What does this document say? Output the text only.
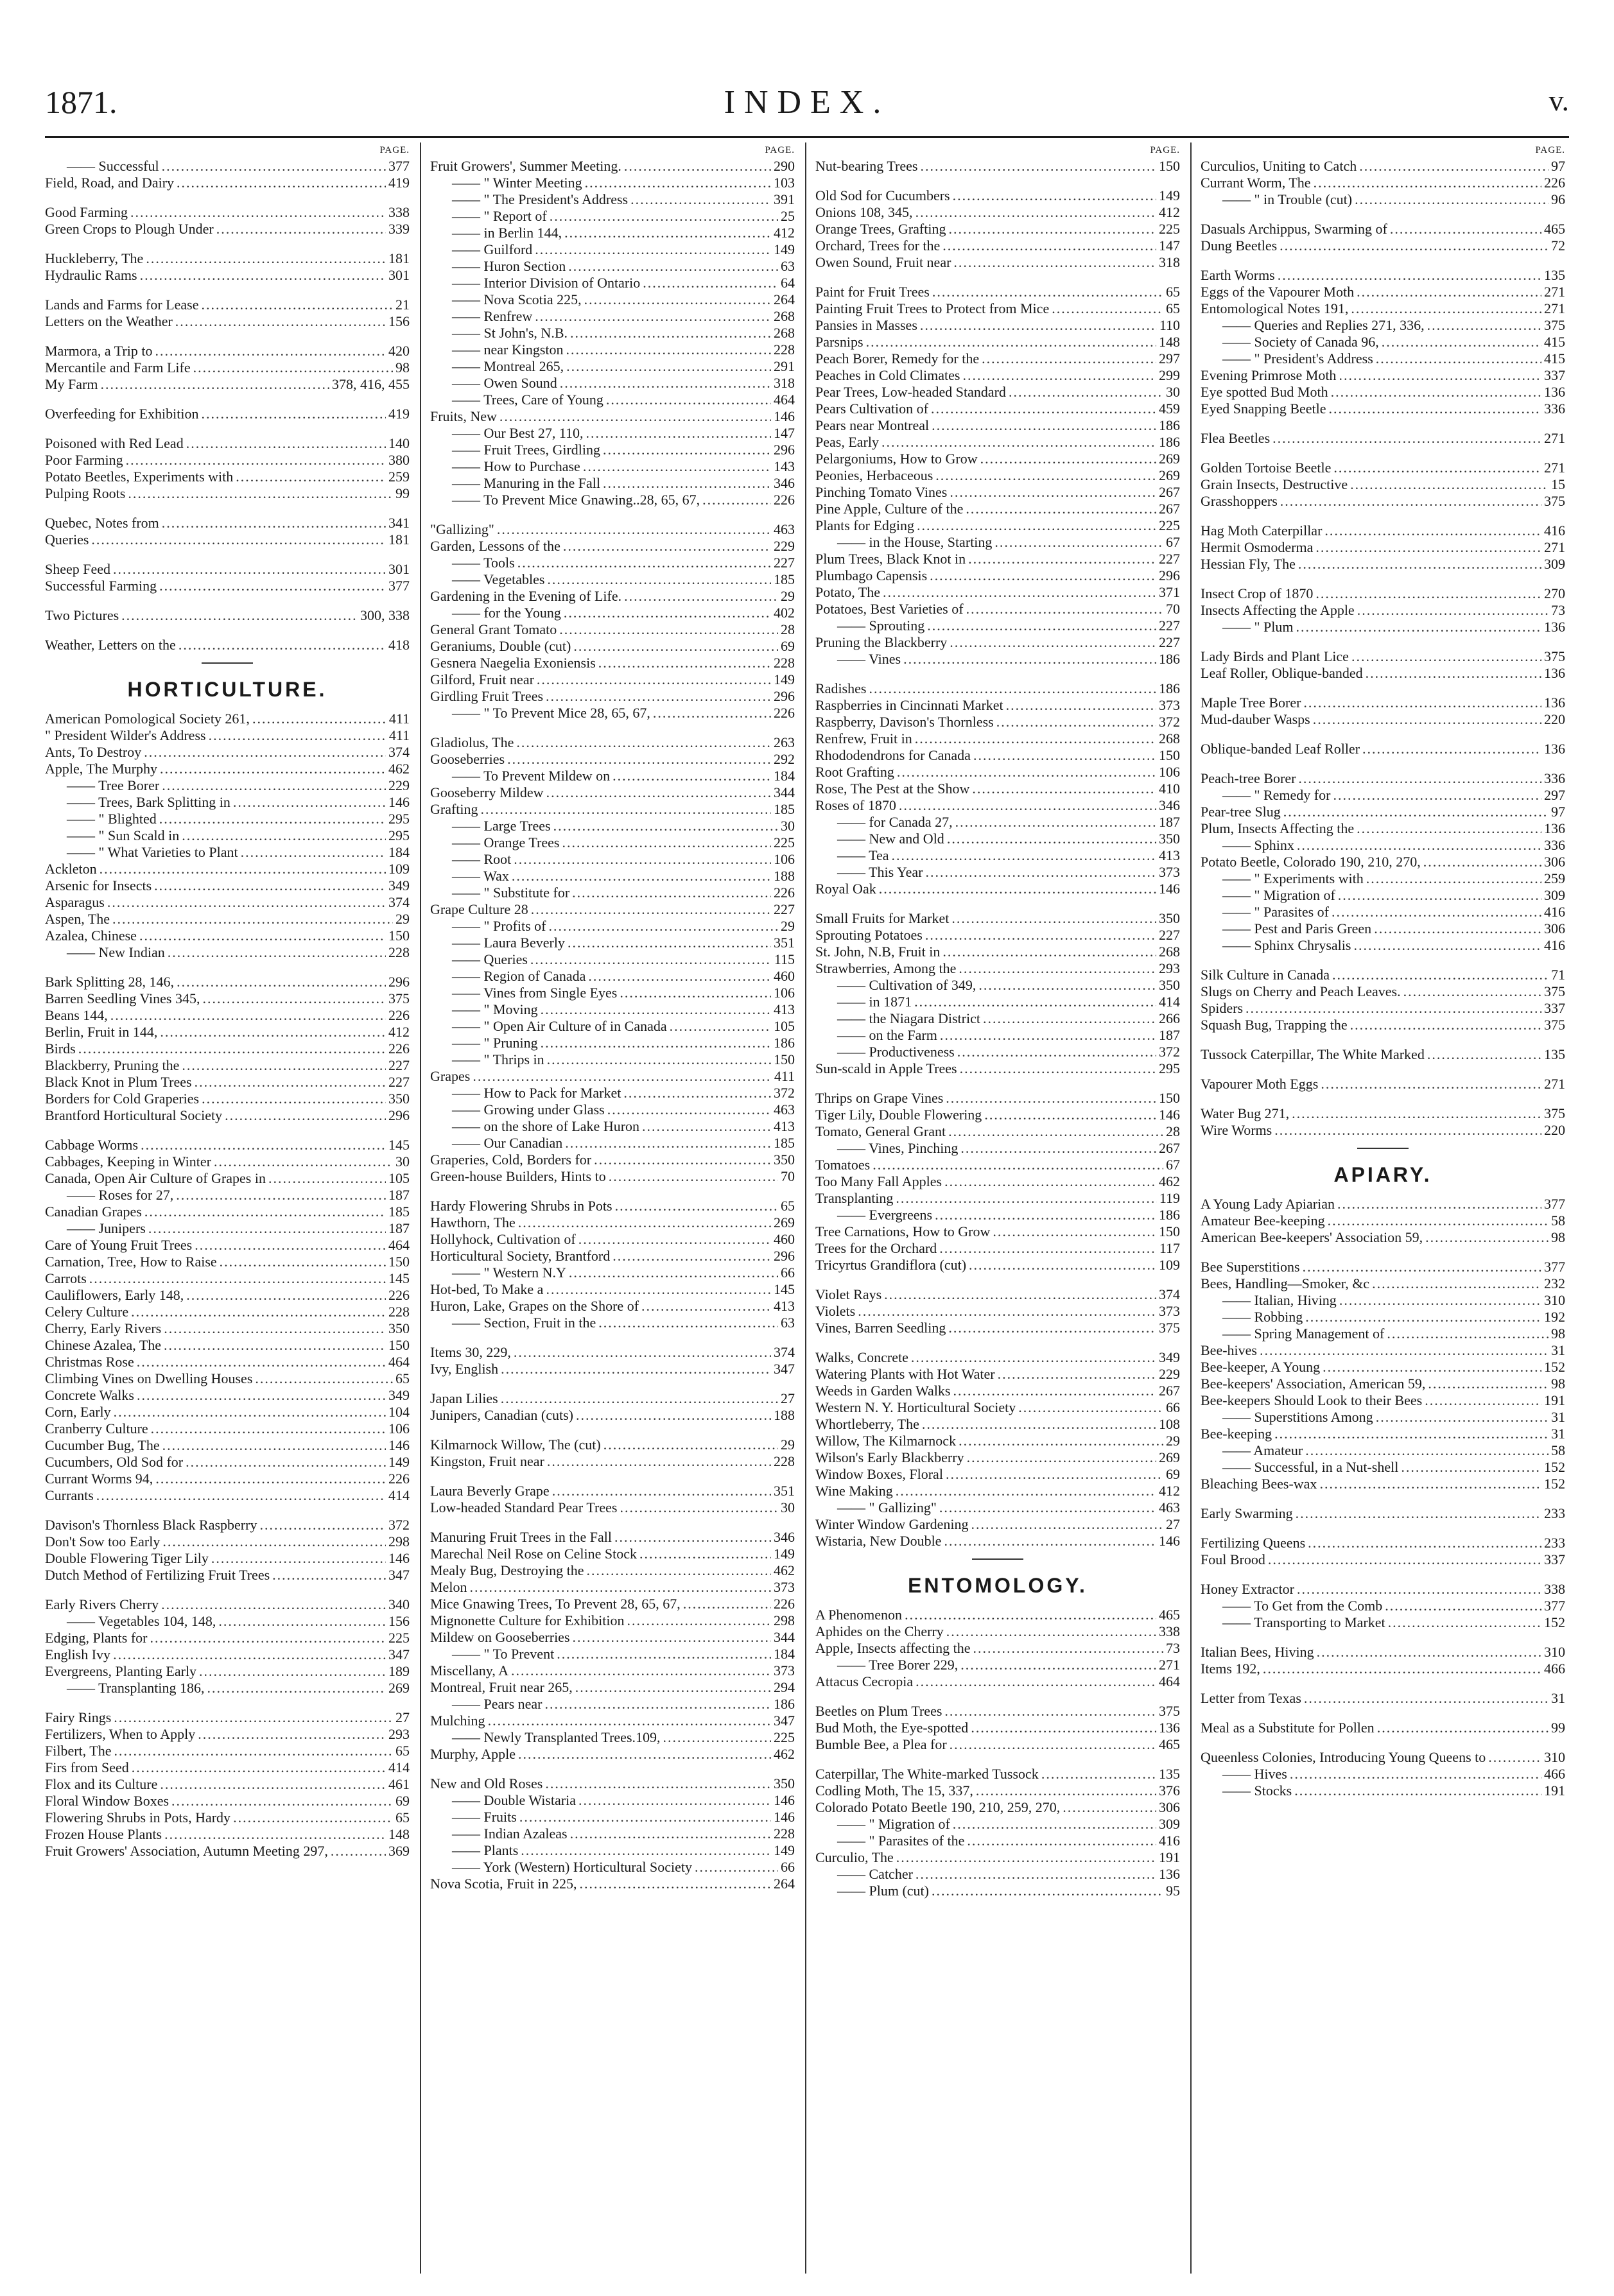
1871.	INDEX.	v.
PAGE.
—— Successful .....	377
Field, Road, and Dairy .....	419
Good Farming .....	338
Green Crops to Plough Under .....	339
Huckleberry, The .....	181
Hydraulic Rams .....	301
Lands and Farms for Lease .....	21
Letters on the Weather .....	156
Marmora, a Trip to .....	420
Mercantile and Farm Life .....	98
My Farm .....	378, 416, 455
Overfeeding for Exhibition .....	419
Poisoned with Red Lead .....	140
Poor Farming .....	380
Potato Beetles, Experiments with .....	259
Pulping Roots .....	99
Quebec, Notes from .....	341
Queries .....	181
Sheep Feed .....	301
Successful Farming .....	377
Two Pictures .....	300, 338
Weather, Letters on the .....	418
HORTICULTURE.
American Pomological Society 261, .....	411
" President Wilder's Address .....	411
Ants, To Destroy .....	374
Apple, The Murphy .....	462
—— Tree Borer .....	229
—— Trees, Bark Splitting in .....	146
—— " Blighted .....	295
—— " Sun Scald in .....	295
—— " What Varieties to Plant .....	184
Ackleton .....	109
Arsenic for Insects .....	349
Asparagus .....	374
Aspen, The .....	29
Azalea, Chinese .....	150
—— New Indian .....	228
Bark Splitting 28, 146, .....	296
Barren Seedling Vines 345, .....	375
Beans 144, .....	226
Berlin, Fruit in 144, .....	412
Birds .....	226
Blackberry, Pruning the .....	227
Black Knot in Plum Trees .....	227
Borders for Cold Graperies .....	350
Brantford Horticultural Society .....	296
Cabbage Worms .....	145
Cabbages, Keeping in Winter .....	30
Canada, Open Air Culture of Grapes in .....	105
—— Roses for 27, .....	187
Canadian Grapes .....	185
—— Junipers .....	187
Care of Young Fruit Trees .....	464
Carnation, Tree, How to Raise .....	150
Carrots .....	145
Cauliflowers, Early 148, .....	226
Celery Culture .....	228
Cherry, Early Rivers .....	350
Chinese Azalea, The .....	150
Christmas Rose .....	464
Climbing Vines on Dwelling Houses .....	65
Concrete Walks .....	349
Corn, Early .....	104
Cranberry Culture .....	106
Cucumber Bug, The .....	146
Cucumbers, Old Sod for .....	149
Currant Worms 94, .....	226
Currants .....	414
Davison's Thornless Black Raspberry .....	372
Don't Sow too Early .....	298
Double Flowering Tiger Lily .....	146
Dutch Method of Fertilizing Fruit Trees .....	347
Early Rivers Cherry .....	340
—— Vegetables 104, 148, .....	156
Edging, Plants for .....	225
English Ivy .....	347
Evergreens, Planting Early .....	189
—— Transplanting 186, .....	269
Fairy Rings .....	27
Fertilizers, When to Apply .....	293
Filbert, The .....	65
Firs from Seed .....	414
Flox and its Culture .....	461
Floral Window Boxes .....	69
Flowering Shrubs in Pots, Hardy .....	65
Frozen House Plants .....	148
Fruit Growers' Association, Autumn Meeting 297, .....	369
PAGE.
Fruit Growers', Summer Meeting. .....	290
—— " Winter Meeting .....	103
—— " The President's Address .....	391
—— " Report of .....	25
—— in Berlin 144, .....	412
—— Guilford .....	149
—— Huron Section .....	63
—— Interior Division of Ontario .....	64
—— Nova Scotia 225, .....	264
—— Renfrew .....	268
—— St John's, N.B. .....	268
—— near Kingston .....	228
—— Montreal 265, .....	291
—— Owen Sound .....	318
—— Trees, Care of Young .....	464
Fruits, New .....	146
—— Our Best 27, 110, .....	147
—— Fruit Trees, Girdling .....	296
—— How to Purchase .....	143
—— Manuring in the Fall .....	346
—— To Prevent Mice Gnawing..28, 65, 67, .....	226
"Gallizing" .....	463
Garden, Lessons of the .....	229
—— Tools .....	227
—— Vegetables .....	185
Gardening in the Evening of Life. .....	29
—— for the Young .....	402
General Grant Tomato .....	28
Geraniums, Double (cut) .....	69
Gesnera Naegelia Exoniensis .....	228
Gilford, Fruit near .....	149
Girdling Fruit Trees .....	296
—— " To Prevent Mice 28, 65, 67, .....	226
Gladiolus, The .....	263
Gooseberries .....	292
—— To Prevent Mildew on .....	184
Gooseberry Mildew .....	344
Grafting .....	185
—— Large Trees .....	30
—— Orange Trees .....	225
—— Root .....	106
—— Wax .....	188
—— " Substitute for .....	226
Grape Culture 28 .....	227
—— " Profits of .....	29
—— Laura Beverly .....	351
—— Queries .....	115
—— Region of Canada .....	460
—— Vines from Single Eyes .....	106
—— " Moving .....	413
—— " Open Air Culture of in Canada .....	105
—— " Pruning .....	186
—— " Thrips in .....	150
Grapes .....	411
—— How to Pack for Market .....	372
—— Growing under Glass .....	463
—— on the shore of Lake Huron .....	413
—— Our Canadian .....	185
Graperies, Cold, Borders for .....	350
Green-house Builders, Hints to .....	70
Hardy Flowering Shrubs in Pots .....	65
Hawthorn, The .....	269
Hollyhock, Cultivation of .....	460
Horticultural Society, Brantford .....	296
—— " Western N.Y .....	66
Hot-bed, To Make a .....	145
Huron, Lake, Grapes on the Shore of .....	413
—— Section, Fruit in the .....	63
Items 30, 229, .....	374
Ivy, English .....	347
Japan Lilies .....	27
Junipers, Canadian (cuts) .....	188
Kilmarnock Willow, The (cut) .....	29
Kingston, Fruit near .....	228
Laura Beverly Grape .....	351
Low-headed Standard Pear Trees .....	30
Manuring Fruit Trees in the Fall .....	346
Marechal Neil Rose on Celine Stock .....	149
Mealy Bug, Destroying the .....	462
Melon .....	373
Mice Gnawing Trees, To Prevent 28, 65, 67, .....	226
Mignonette Culture for Exhibition .....	298
Mildew on Gooseberries .....	344
—— " To Prevent .....	184
Miscellany, A .....	373
Montreal, Fruit near 265, .....	294
—— Pears near .....	186
Mulching .....	347
—— Newly Transplanted Trees.109, .....	225
Murphy, Apple .....	462
New and Old Roses .....	350
—— Double Wistaria .....	146
—— Fruits .....	146
—— Indian Azaleas .....	228
—— Plants .....	149
—— York (Western) Horticultural Society .....	66
Nova Scotia, Fruit in 225, .....	264
PAGE.
Nut-bearing Trees .....	150
Old Sod for Cucumbers .....	149
Onions 108, 345, .....	412
Orange Trees, Grafting .....	225
Orchard, Trees for the .....	147
Owen Sound, Fruit near .....	318
Paint for Fruit Trees .....	65
Painting Fruit Trees to Protect from Mice .....	65
Pansies in Masses .....	110
Parsnips .....	148
Peach Borer, Remedy for the .....	297
Peaches in Cold Climates .....	299
Pear Trees, Low-headed Standard .....	30
Pears Cultivation of .....	459
Pears near Montreal .....	186
Peas, Early .....	186
Pelargoniums, How to Grow .....	269
Peonies, Herbaceous .....	269
Pinching Tomato Vines .....	267
Pine Apple, Culture of the .....	267
Plants for Edging .....	225
—— in the House, Starting .....	67
Plum Trees, Black Knot in .....	227
Plumbago Capensis .....	296
Potato, The .....	371
Potatoes, Best Varieties of .....	70
—— Sprouting .....	227
Pruning the Blackberry .....	227
—— Vines .....	186
Radishes .....	186
Raspberries in Cincinnati Market .....	373
Raspberry, Davison's Thornless .....	372
Renfrew, Fruit in .....	268
Rhododendrons for Canada .....	150
Root Grafting .....	106
Rose, The Pest at the Show .....	410
Roses of 1870 .....	346
—— for Canada 27, .....	187
—— New and Old .....	350
—— Tea .....	413
—— This Year .....	373
Royal Oak .....	146
Small Fruits for Market .....	350
Sprouting Potatoes .....	227
St. John, N.B, Fruit in .....	268
Strawberries, Among the .....	293
—— Cultivation of 349, .....	350
—— in 1871 .....	414
—— the Niagara District .....	266
—— on the Farm .....	187
—— Productiveness .....	372
Sun-scald in Apple Trees .....	295
Thrips on Grape Vines .....	150
Tiger Lily, Double Flowering .....	146
Tomato, General Grant .....	28
—— Vines, Pinching .....	267
Tomatoes .....	67
Too Many Fall Apples .....	462
Transplanting .....	119
—— Evergreens .....	186
Tree Carnations, How to Grow .....	150
Trees for the Orchard .....	117
Tricyrtus Grandiflora (cut) .....	109
Violet Rays .....	374
Violets .....	373
Vines, Barren Seedling .....	375
Walks, Concrete .....	349
Watering Plants with Hot Water .....	229
Weeds in Garden Walks .....	267
Western N. Y. Horticultural Society .....	66
Whortleberry, The .....	108
Willow, The Kilmarnock .....	29
Wilson's Early Blackberry .....	269
Window Boxes, Floral .....	69
Wine Making .....	412
—— " Gallizing" .....	463
Winter Window Gardening .....	27
Wistaria, New Double .....	146
ENTOMOLOGY.
A Phenomenon .....	465
Aphides on the Cherry .....	338
Apple, Insects affecting the .....	73
—— Tree Borer 229, .....	271
Attacus Cecropia .....	464
Beetles on Plum Trees .....	375
Bud Moth, the Eye-spotted .....	136
Bumble Bee, a Plea for .....	465
Caterpillar, The White-marked Tussock .....	135
Codling Moth, The 15, 337, .....	376
Colorado Potato Beetle 190, 210, 259, 270, .....	306
—— " Migration of .....	309
—— " Parasites of the .....	416
Curculio, The .....	191
—— Catcher .....	136
—— Plum (cut) .....	95
PAGE.
Curculios, Uniting to Catch .....	97
Currant Worm, The .....	226
—— " in Trouble (cut) .....	96
Dasuals Archippus, Swarming of .....	465
Dung Beetles .....	72
Earth Worms .....	135
Eggs of the Vapourer Moth .....	271
Entomological Notes 191, .....	271
—— Queries and Replies 271, 336, .....	375
—— Society of Canada 96, .....	415
—— " President's Address .....	415
Evening Primrose Moth .....	337
Eye spotted Bud Moth .....	136
Eyed Snapping Beetle .....	336
Flea Beetles .....	271
Golden Tortoise Beetle .....	271
Grain Insects, Destructive .....	15
Grasshoppers .....	375
Hag Moth Caterpillar .....	416
Hermit Osmoderma .....	271
Hessian Fly, The .....	309
Insect Crop of 1870 .....	270
Insects Affecting the Apple .....	73
—— " Plum .....	136
Lady Birds and Plant Lice .....	375
Leaf Roller, Oblique-banded .....	136
Maple Tree Borer .....	136
Mud-dauber Wasps .....	220
Oblique-banded Leaf Roller .....	136
Peach-tree Borer .....	336
—— " Remedy for .....	297
Pear-tree Slug .....	97
Plum, Insects Affecting the .....	136
—— Sphinx .....	336
Potato Beetle, Colorado 190, 210, 270, .....	306
—— " Experiments with .....	259
—— " Migration of .....	309
—— " Parasites of .....	416
—— Pest and Paris Green .....	306
—— Sphinx Chrysalis .....	416
Silk Culture in Canada .....	71
Slugs on Cherry and Peach Leaves. .....	375
Spiders .....	337
Squash Bug, Trapping the .....	375
Tussock Caterpillar, The White Marked .....	135
Vapourer Moth Eggs .....	271
Water Bug 271, .....	375
Wire Worms .....	220
APIARY.
A Young Lady Apiarian .....	377
Amateur Bee-keeping .....	58
American Bee-keepers' Association 59, .....	98
Bee Superstitions .....	377
Bees, Handling—Smoker, &c .....	232
—— Italian, Hiving .....	310
—— Robbing .....	192
—— Spring Management of .....	98
Bee-hives .....	31
Bee-keeper, A Young .....	152
Bee-keepers' Association, American 59, .....	98
Bee-keepers Should Look to their Bees .....	191
—— Superstitions Among .....	31
Bee-keeping .....	31
—— Amateur .....	58
—— Successful, in a Nut-shell .....	152
Bleaching Bees-wax .....	152
Early Swarming .....	233
Fertilizing Queens .....	233
Foul Brood .....	337
Honey Extractor .....	338
—— To Get from the Comb .....	377
—— Transporting to Market .....	152
Italian Bees, Hiving .....	310
Items 192, .....	466
Letter from Texas .....	31
Meal as a Substitute for Pollen .....	99
Queenless Colonies, Introducing Young Queens to .....	310
—— Hives .....	466
—— Stocks .....	191
